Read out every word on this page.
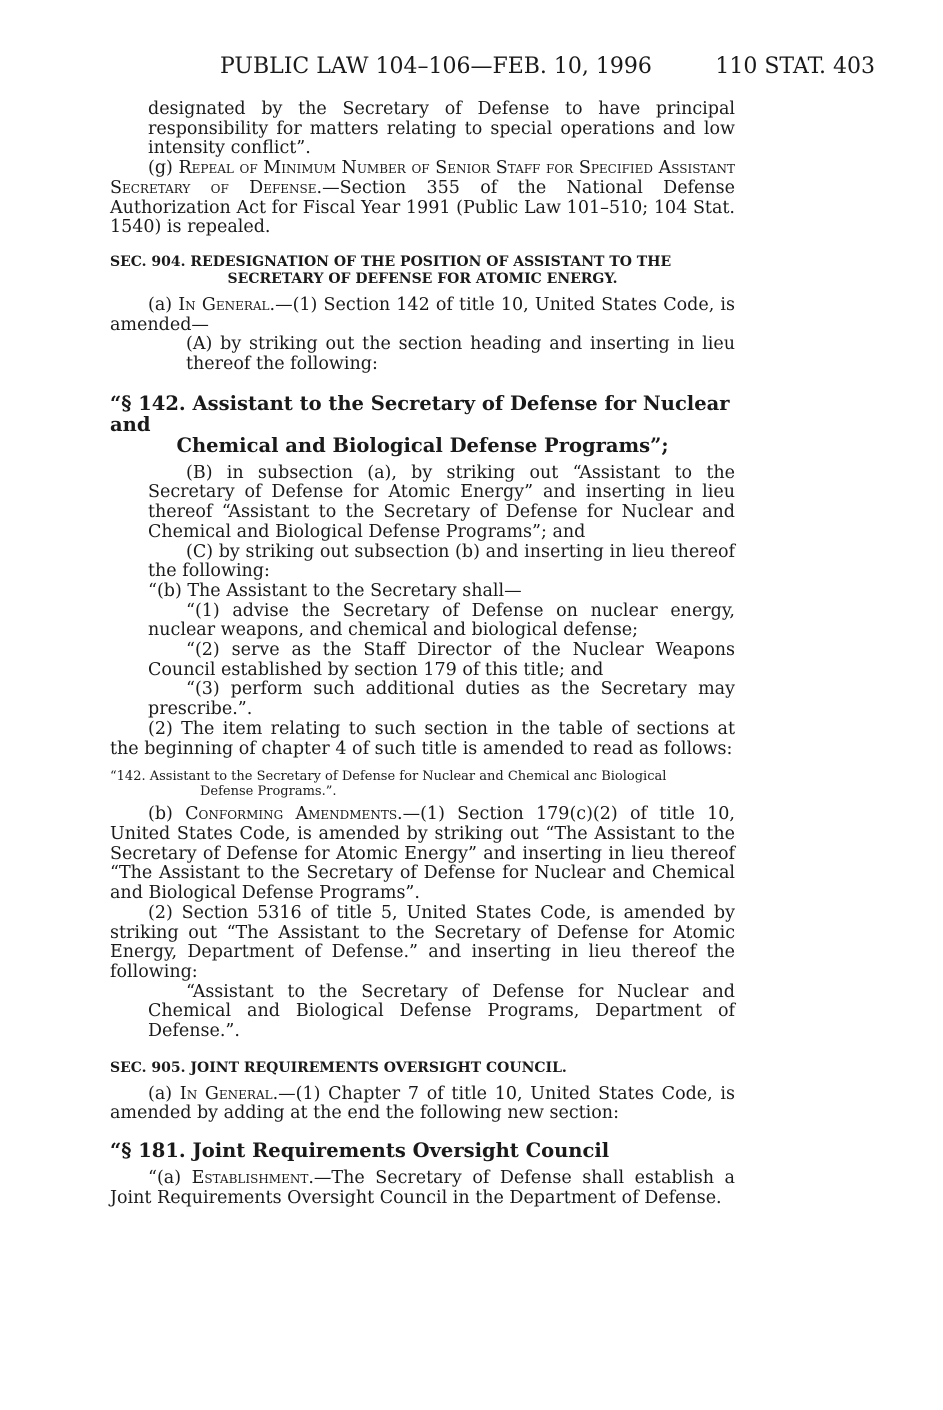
PUBLIC LAW 104–106—FEB. 10, 1996	110 STAT. 403

designated by the Secretary of Defense to have principal responsibility for matters relating to special operations and low intensity conflict”.

(g) Repeal of Minimum Number of Senior Staff for Specified Assistant Secretary of Defense.—Section 355 of the National Defense Authorization Act for Fiscal Year 1991 (Public Law 101–510; 104 Stat. 1540) is repealed.

SEC. 904. REDESIGNATION OF THE POSITION OF ASSISTANT TO THE
SECRETARY OF DEFENSE FOR ATOMIC ENERGY.

(a) In General.—(1) Section 142 of title 10, United States Code, is amended—

(A) by striking out the section heading and inserting in lieu thereof the following:

“§ 142. Assistant to the Secretary of Defense for Nuclear and
Chemical and Biological Defense Programs”;

(B) in subsection (a), by striking out “Assistant to the Secretary of Defense for Atomic Energy” and inserting in lieu thereof “Assistant to the Secretary of Defense for Nuclear and Chemical and Biological Defense Programs”; and

(C) by striking out subsection (b) and inserting in lieu thereof the following:

“(b) The Assistant to the Secretary shall—

“(1) advise the Secretary of Defense on nuclear energy, nuclear weapons, and chemical and biological defense;

“(2) serve as the Staff Director of the Nuclear Weapons Council established by section 179 of this title; and

“(3) perform such additional duties as the Secretary may prescribe.”.

(2) The item relating to such section in the table of sections at the beginning of chapter 4 of such title is amended to read as follows:

“142. Assistant to the Secretary of Defense for Nuclear and Chemical anc Biological
Defense Programs.”.

(b) Conforming Amendments.—(1) Section 179(c)(2) of title 10, United States Code, is amended by striking out “The Assistant to the Secretary of Defense for Atomic Energy” and inserting in lieu thereof “The Assistant to the Secretary of Defense for Nuclear and Chemical and Biological Defense Programs”.

(2) Section 5316 of title 5, United States Code, is amended by striking out “The Assistant to the Secretary of Defense for Atomic Energy, Department of Defense.” and inserting in lieu thereof the following:

“Assistant to the Secretary of Defense for Nuclear and Chemical and Biological Defense Programs, Department of Defense.”.

SEC. 905. JOINT REQUIREMENTS OVERSIGHT COUNCIL.

(a) In General.—(1) Chapter 7 of title 10, United States Code, is amended by adding at the end the following new section:

“§ 181. Joint Requirements Oversight Council

“(a) Establishment.—The Secretary of Defense shall establish a Joint Requirements Oversight Council in the Department of Defense.
